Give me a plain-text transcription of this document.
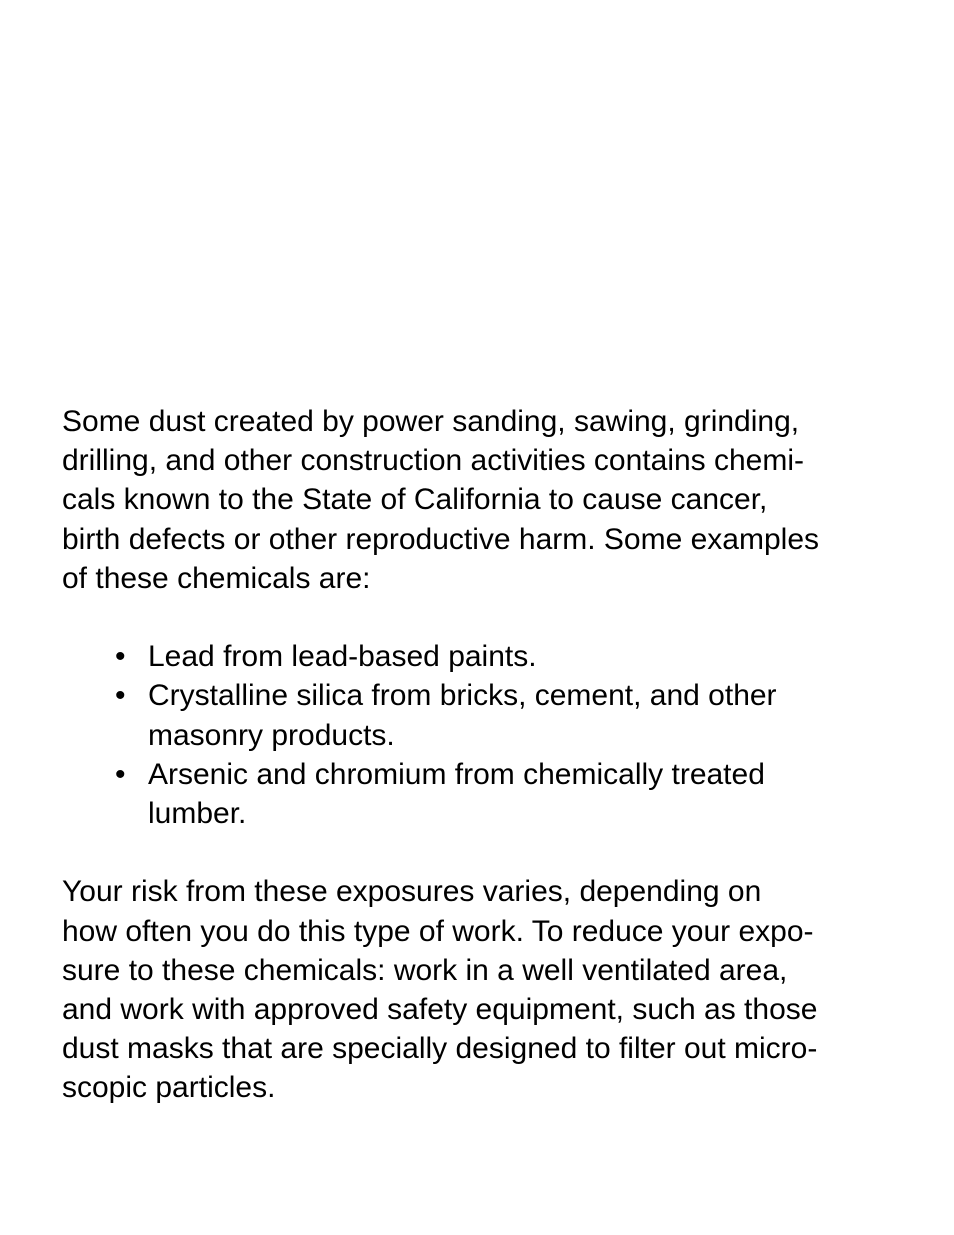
Some dust created by power sanding, sawing, grinding,
drilling, and other construction activities contains chemi-
cals known to the State of California to cause cancer,
birth defects or other reproductive harm. Some examples
of these chemicals are:

• Lead from lead-based paints.
• Crystalline silica from bricks, cement, and other
masonry products.
• Arsenic and chromium from chemically treated
lumber.

Your risk from these exposures varies, depending on
how often you do this type of work. To reduce your expo-
sure to these chemicals: work in a well ventilated area,
and work with approved safety equipment, such as those
dust masks that are specially designed to filter out micro-
scopic particles.
